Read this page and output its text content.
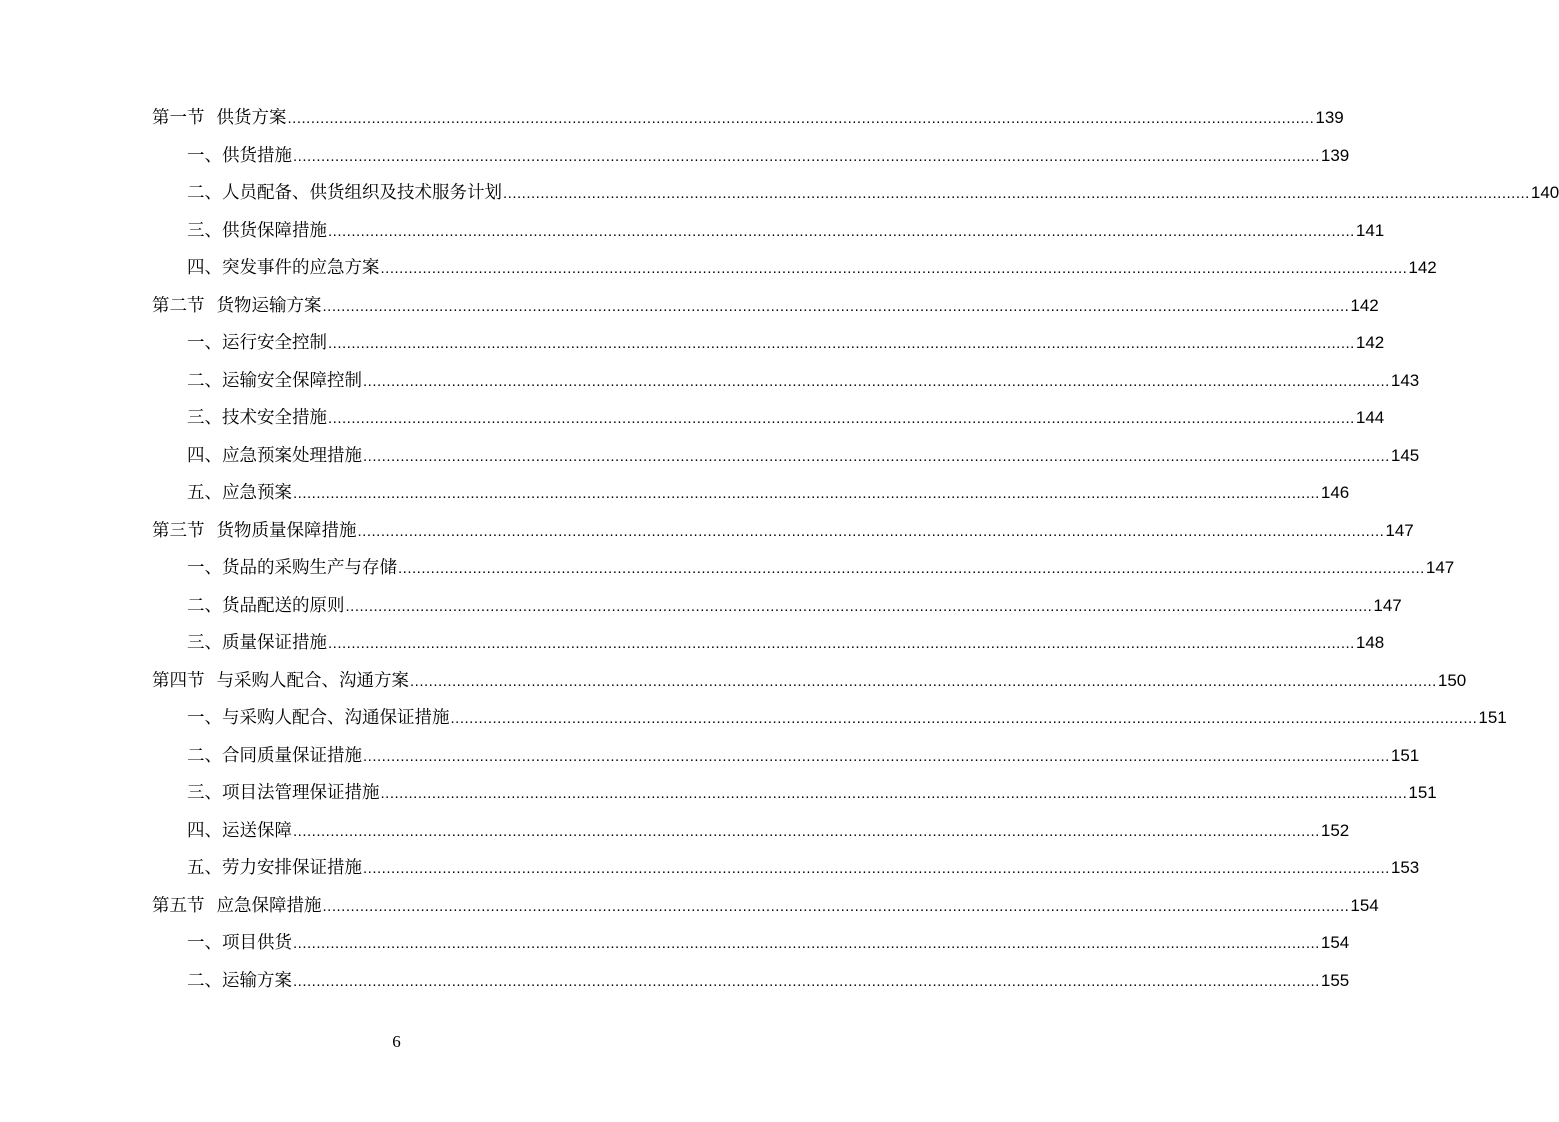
第一节 供货方案 ............................................................................................................................................................................................................................ 139
一、供货措施 ............................................................................................................................................................................................................................ 139
二、人员配备、供货组织及技术服务计划 ............................................................................................................................................................................................................................ 140
三、供货保障措施 ............................................................................................................................................................................................................................ 141
四、突发事件的应急方案 ............................................................................................................................................................................................................................ 142
第二节 货物运输方案 ............................................................................................................................................................................................................................ 142
一、运行安全控制 ............................................................................................................................................................................................................................ 142
二、运输安全保障控制 ............................................................................................................................................................................................................................ 143
三、技术安全措施 ............................................................................................................................................................................................................................ 144
四、应急预案处理措施 ............................................................................................................................................................................................................................ 145
五、应急预案 ............................................................................................................................................................................................................................ 146
第三节 货物质量保障措施 ............................................................................................................................................................................................................................ 147
一、货品的采购生产与存储 ............................................................................................................................................................................................................................ 147
二、货品配送的原则 ............................................................................................................................................................................................................................ 147
三、质量保证措施 ............................................................................................................................................................................................................................ 148
第四节 与采购人配合、沟通方案 ............................................................................................................................................................................................................................ 150
一、与采购人配合、沟通保证措施 ............................................................................................................................................................................................................................ 151
二、合同质量保证措施 ............................................................................................................................................................................................................................ 151
三、项目法管理保证措施 ............................................................................................................................................................................................................................ 151
四、运送保障 ............................................................................................................................................................................................................................ 152
五、劳力安排保证措施 ............................................................................................................................................................................................................................ 153
第五节 应急保障措施 ............................................................................................................................................................................................................................ 154
一、项目供货 ............................................................................................................................................................................................................................ 154
二、运输方案 ............................................................................................................................................................................................................................ 155
6
